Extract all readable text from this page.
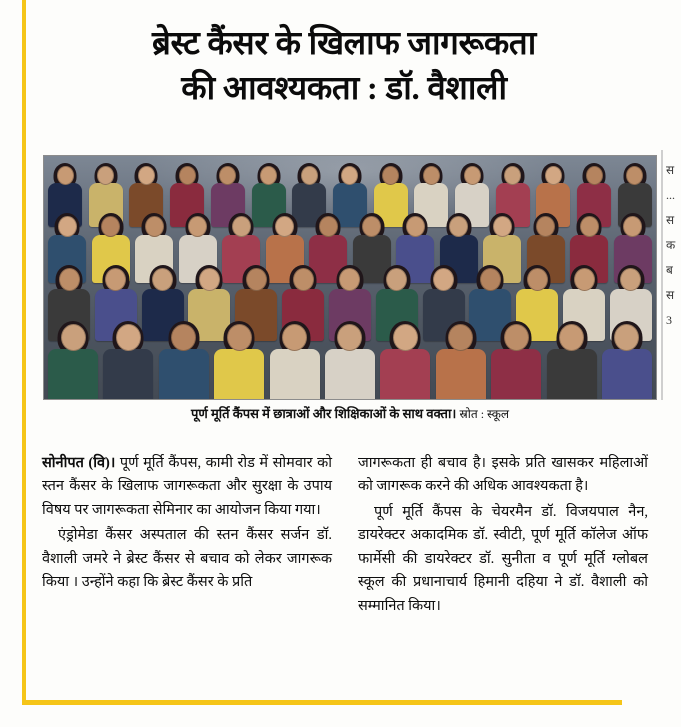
ब्रेस्ट कैंसर के खिलाफ जागरूकता
की आवश्यकता : डॉ. वैशाली
पूर्ण मूर्ति कैंपस में छात्राओं और शिक्षिकाओं के साथ वक्ता। स्रोत : स्कूल

सोनीपत (वि)। पूर्ण मूर्ति कैंपस, कामी रोड में सोमवार को स्तन कैंसर के खिलाफ जागरूकता और सुरक्षा के उपाय विषय पर जागरूकता सेमिनार का आयोजन किया गया।

एंड्रोमेडा कैंसर अस्पताल की स्तन कैंसर सर्जन डॉ. वैशाली जमरे ने ब्रेस्ट कैंसर से बचाव को लेकर जागरूक किया । उन्होंने कहा कि ब्रेस्ट कैंसर के प्रति

जागरूकता ही बचाव है। इसके प्रति खासकर महिलाओं को जागरूक करने की अधिक आवश्यकता है।

पूर्ण मूर्ति कैंपस के चेयरमैन डॉ. विजयपाल नैन, डायरेक्टर अकादमिक डॉ. स्वीटी, पूर्ण मूर्ति कॉलेज ऑफ फार्मेसी की डायरेक्टर डॉ. सुनीता व पूर्ण मूर्ति ग्लोबल स्कूल की प्रधानाचार्य हिमानी दहिया ने डॉ. वैशाली को सम्मानित किया।

स
...
स
क
ब
स
3
